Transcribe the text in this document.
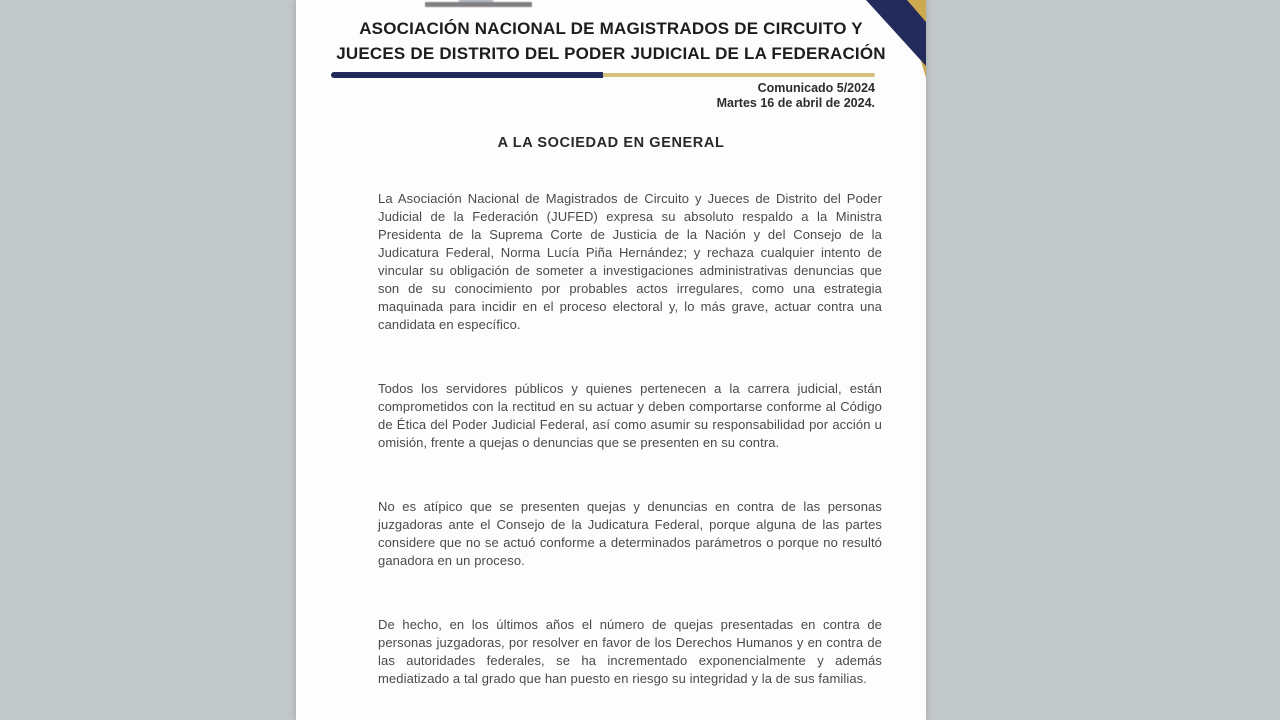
ASOCIACIÓN NACIONAL DE MAGISTRADOS DE CIRCUITO Y
JUECES DE DISTRITO DEL PODER JUDICIAL DE LA FEDERACIÓN
Comunicado 5/2024
Martes 16 de abril de 2024.
A LA SOCIEDAD EN GENERAL

La Asociación Nacional de Magistrados de Circuito y Jueces de Distrito del Poder Judicial de la Federación (JUFED) expresa su absoluto respaldo a la Ministra Presidenta de la Suprema Corte de Justicia de la Nación y del Consejo de la Judicatura Federal, Norma Lucía Piña Hernández; y rechaza cualquier intento de vincular su obligación de someter a investigaciones administrativas denuncias que son de su conocimiento por probables actos irregulares, como una estrategia maquinada para incidir en el proceso electoral y, lo más grave, actuar contra una candidata en específico.

Todos los servidores públicos y quienes pertenecen a la carrera judicial, están comprometidos con la rectitud en su actuar y deben comportarse conforme al Código de Ética del Poder Judicial Federal, así como asumir su responsabilidad por acción u omisión, frente a quejas o denuncias que se presenten en su contra.

No es atípico que se presenten quejas y denuncias en contra de las personas juzgadoras ante el Consejo de la Judicatura Federal, porque alguna de las partes considere que no se actuó conforme a determinados parámetros o porque no resultó ganadora en un proceso.

De hecho, en los últimos años el número de quejas presentadas en contra de personas juzgadoras, por resolver en favor de los Derechos Humanos y en contra de las autoridades federales, se ha incrementado exponencialmente y además mediatizado a tal grado que han puesto en riesgo su integridad y la de sus familias.
